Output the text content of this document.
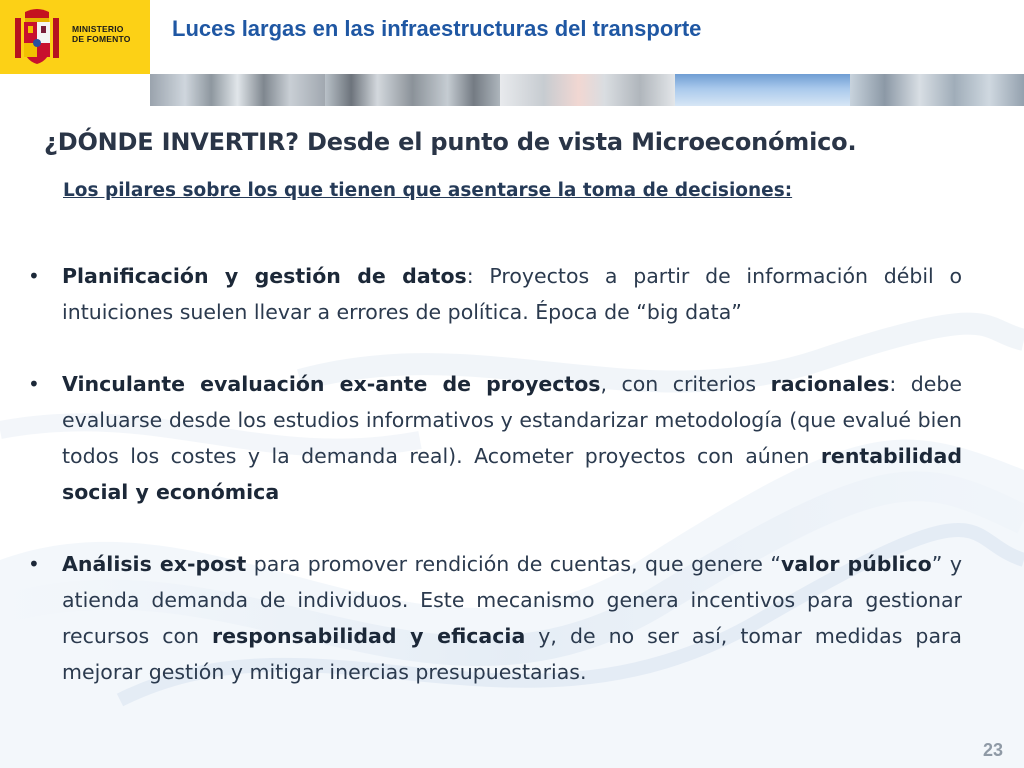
MINISTERIO
DE FOMENTO Luces largas en las infraestructuras del transporte
¿DÓNDE INVERTIR? Desde el punto de vista Microeconómico.
Los pilares sobre los que tienen que asentarse la toma de decisiones:
• Planificación y gestión de datos: Proyectos a partir de información débil o intuiciones suelen llevar a errores de política. Época de “big data”
• Vinculante evaluación ex-ante de proyectos, con criterios racionales: debe evaluarse desde los estudios informativos y estandarizar metodología (que evalué bien todos los costes y la demanda real). Acometer proyectos con aúnen rentabilidad social y económica
• Análisis ex-post para promover rendición de cuentas, que genere “valor público” y atienda demanda de individuos. Este mecanismo genera incentivos para gestionar recursos con responsabilidad y eficacia y, de no ser así, tomar medidas para mejorar gestión y mitigar inercias presupuestarias.
23
